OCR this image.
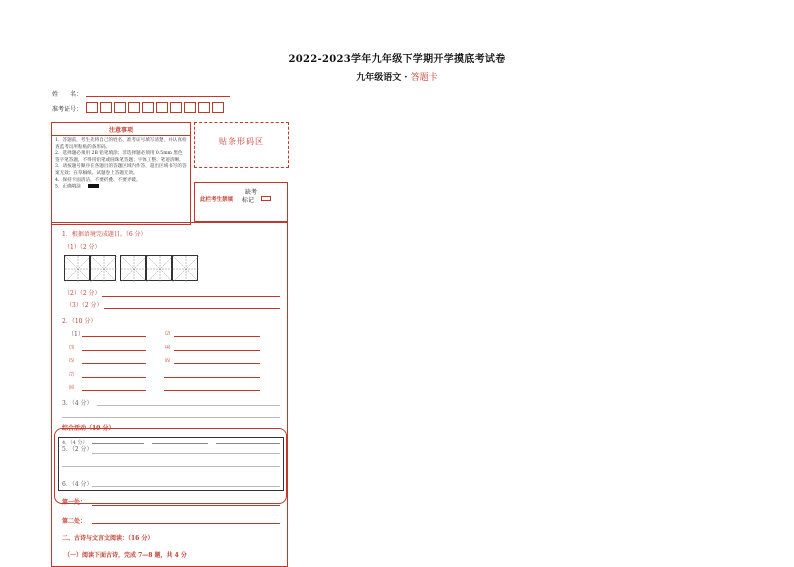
2022-2023学年九年级下学期开学摸底考试卷
九年级语文 · 答题卡
姓　　名：
准考证号：
注意事项
1．答题前，考生先将自己的姓名、准考证号填写清楚，并认真检查监考员所粘贴的条形码。
2．选择题必须用 2B 铅笔填涂；非选择题必须用 0.5mm 黑色签字笔答题，不得用铅笔或圆珠笔答题；字体工整、笔迹清晰。
3．请按题号顺序在各题目的答题区域内作答，超出区域书写的答案无效；在草稿纸、试题卷上答题无效。
4．保持卡面清洁，不要折叠、不要弄破。
5．正确填涂
贴条形码区
此栏考生禁填
缺考
标记
1．根据语境完成题目。（6 分）
（1）（2 分）
（2）（2 分）
（3）（2 分）
2．（10 分）
（1）	⑵
⑶	⑷
⑸	⑹
⑺
⑻
3．（4 分）
综合活动（10 分）
4．（4 分）
5．（2 分）
6．（4 分）
第一处：
第二处：
二、古诗与文言文阅读：（16 分）
（一）阅读下面古诗，完成 7—8 题，共 4 分
